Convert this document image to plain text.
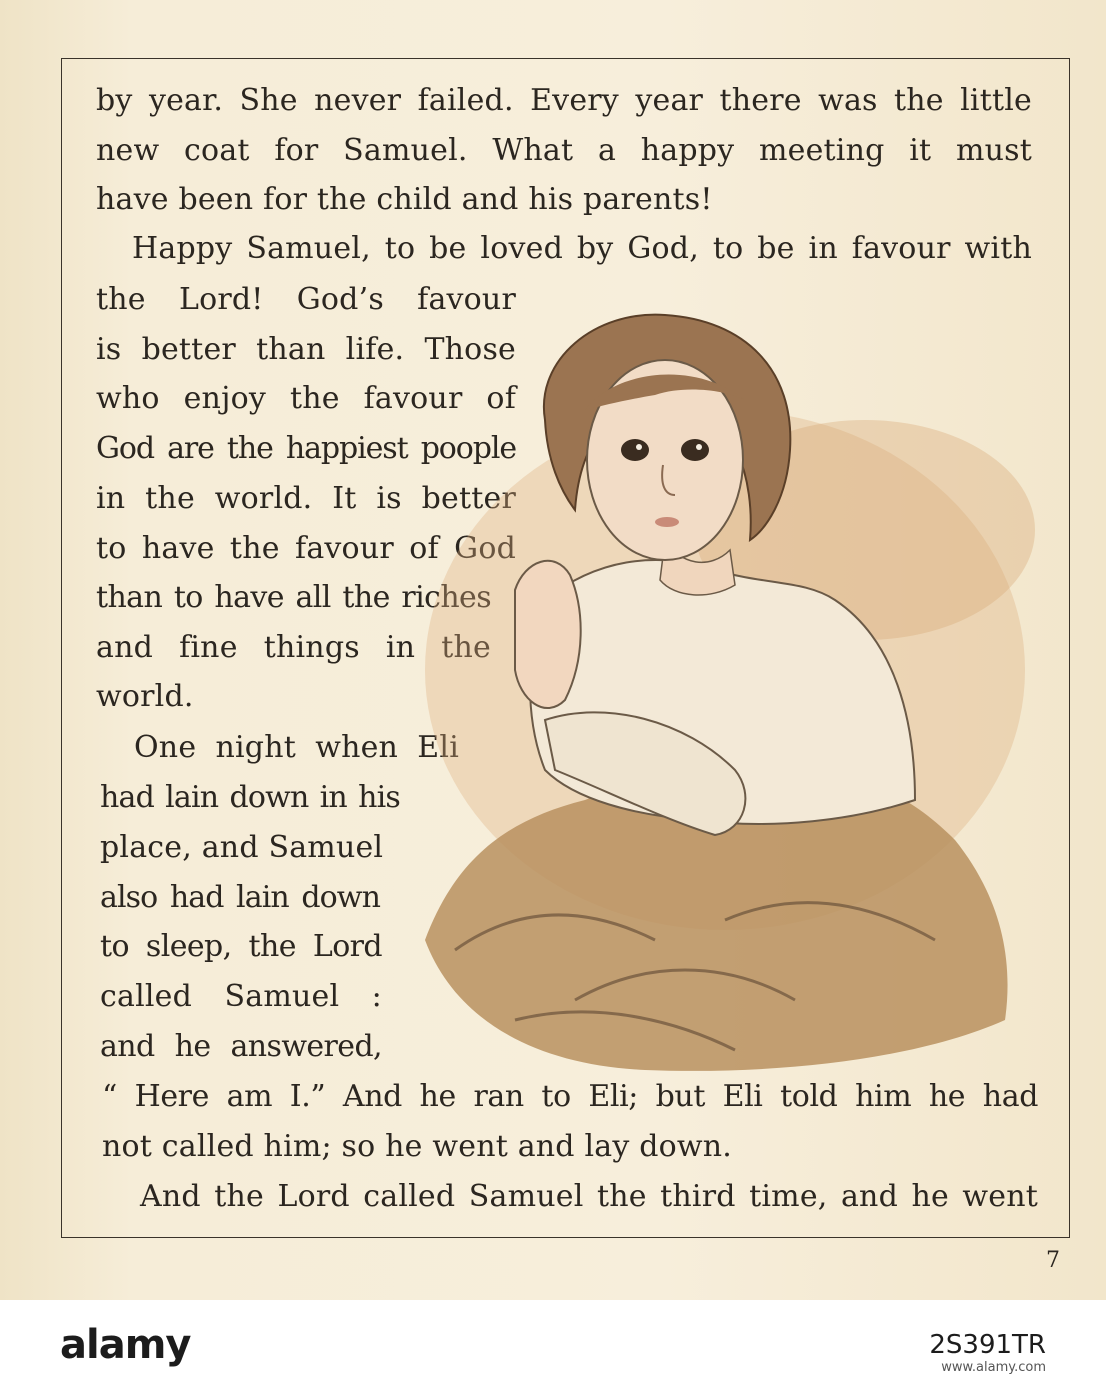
by year. She never failed. Every year there was the little

new coat for Samuel. What a happy meeting it must

have been for the child and his parents!

Happy Samuel, to be loved by God, to be in favour with

the Lord! God’s favour

is better than life. Those

who enjoy the favour of

God are the happiest poople

in the world. It is better

to have the favour of God

than to have all the riches

and fine things in the

world.

One night when Eli

had lain down in his

place, and Samuel

also had lain down

to sleep, the Lord

called Samuel :

and he answered,

“ Here am I.” And he ran to Eli; but Eli told him he had

not called him; so he went and lay down.

And the Lord called Samuel the third time, and he went

7
alamy	2S391TR
www.alamy.com
